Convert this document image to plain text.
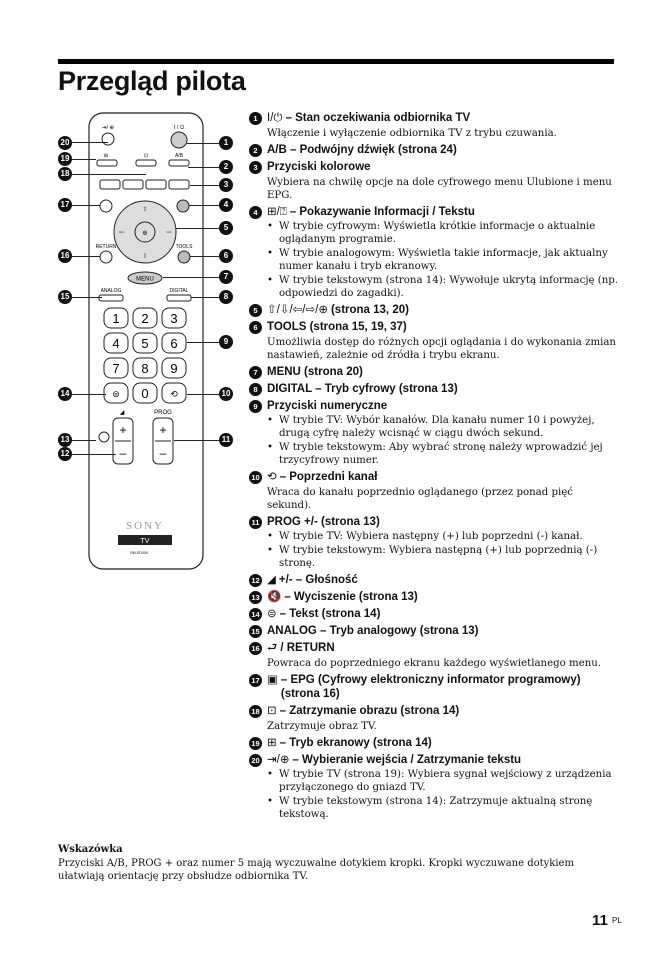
Przegląd pilota
⇥/ ⊕	I / ⏻
⊞	⊡	A/B
⊕
⇧
⇩
⇦	⇨
RETURN	TOOLS
MENU
ANALOG	DIGITAL
1 2 3
4 5 6
7 8 9
⊜ 0 ⟲
◢	PROG
+
–
+
–
SONY
TV
RM-ED009
20
19
18
17
16
15
14
13
12
1
2
3
4
5
6
7
8
9
10
11
1 I/⏻ – Stan oczekiwania odbiornika TV
Włączenie i wyłączenie odbiornika TV z trybu czuwania.
2 A/B – Podwójny dźwięk (strona 24)
3 Przyciski kolorowe
Wybiera na chwilę opcje na dole cyfrowego menu Ulubione i menu EPG.
4 ⊞/⍰ – Pokazywanie Informacji / Tekstu
• W trybie cyfrowym: Wyświetla krótkie informacje o aktualnie oglądanym programie.
• W trybie analogowym: Wyświetla takie informacje, jak aktualny numer kanału i tryb ekranowy.
• W trybie tekstowym (strona 14): Wywołuje ukrytą informację (np. odpowiedzi do zagadki).
5 ⇧/⇩/⇦/⇨/⊕ (strona 13, 20)
6 TOOLS (strona 15, 19, 37)
Umożliwia dostęp do różnych opcji oglądania i do wykonania zmian nastawień, zależnie od źródła i trybu ekranu.
7 MENU (strona 20)
8 DIGITAL – Tryb cyfrowy (strona 13)
9 Przyciski numeryczne
• W trybie TV: Wybór kanałów. Dla kanału numer 10 i powyżej, drugą cyfrę należy wcisnąć w ciągu dwóch sekund.
• W trybie tekstowym: Aby wybrać stronę należy wprowadzić jej trzycyfrowy numer.
10 ⟲ – Poprzedni kanał
Wraca do kanału poprzednio oglądanego (przez ponad pięć sekund).
11 PROG +/- (strona 13)
• W trybie TV: Wybiera następny (+) lub poprzedni (-) kanał.
• W trybie tekstowym: Wybiera następną (+) lub poprzednią (-) stronę.
12 ◢ +/- – Głośność
13 🔇 – Wyciszenie (strona 13)
14 ⊜ – Tekst (strona 14)
15 ANALOG – Tryb analogowy (strona 13)
16 ⮐ / RETURN
Powraca do poprzedniego ekranu każdego wyświetlanego menu.
17 ▣ – EPG (Cyfrowy elektroniczny informator programowy) (strona 16)
18 ⊡ – Zatrzymanie obrazu (strona 14)
Zatrzymuje obraz TV.
19 ⊞ – Tryb ekranowy (strona 14)
20 ⇥/⊕ – Wybieranie wejścia / Zatrzymanie tekstu
• W trybie TV (strona 19): Wybiera sygnał wejściowy z urządzenia przyłączonego do gniazd TV.
• W trybie tekstowym (strona 14): Zatrzymuje aktualną stronę tekstową.
Wskazówka
Przyciski A/B, PROG + oraz numer 5 mają wyczuwalne dotykiem kropki. Kropki wyczuwane dotykiem ułatwiają orientację przy obsłudze odbiornika TV.
11 PL
